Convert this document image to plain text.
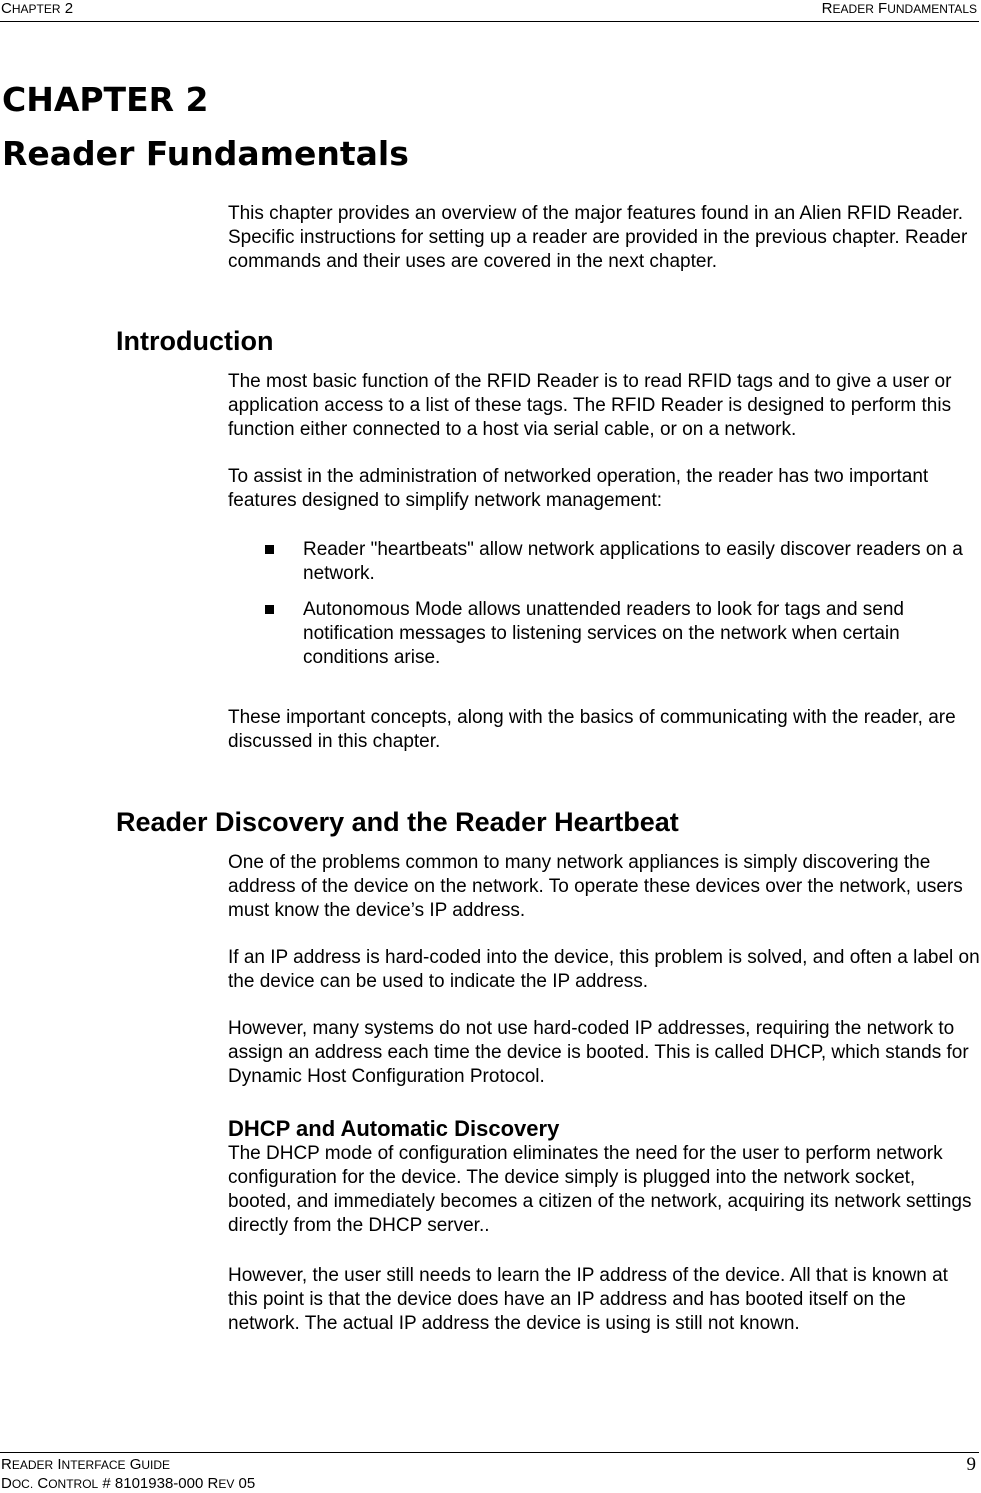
CHAPTER 2	READER FUNDAMENTALS
CHAPTER 2
Reader Fundamentals
This chapter provides an overview of the major features found in an Alien RFID Reader. Specific instructions for setting up a reader are provided in the previous chapter. Reader commands and their uses are covered in the next chapter.
Introduction
The most basic function of the RFID Reader is to read RFID tags and to give a user or application access to a list of these tags. The RFID Reader is designed to perform this function either connected to a host via serial cable, or on a network.
To assist in the administration of networked operation, the reader has two important features designed to simplify network management:
Reader "heartbeats" allow network applications to easily discover readers on a network.
Autonomous Mode allows unattended readers to look for tags and send notification messages to listening services on the network when certain conditions arise.
These important concepts, along with the basics of communicating with the reader, are discussed in this chapter.
Reader Discovery and the Reader Heartbeat
One of the problems common to many network appliances is simply discovering the address of the device on the network. To operate these devices over the network, users must know the device’s IP address.
If an IP address is hard-coded into the device, this problem is solved, and often a label on the device can be used to indicate the IP address.
However, many systems do not use hard-coded IP addresses, requiring the network to assign an address each time the device is booted. This is called DHCP, which stands for Dynamic Host Configuration Protocol.
DHCP and Automatic Discovery
The DHCP mode of configuration eliminates the need for the user to perform network configuration for the device. The device simply is plugged into the network socket, booted, and immediately becomes a citizen of the network, acquiring its network settings directly from the DHCP server..
However, the user still needs to learn the IP address of the device. All that is known at this point is that the device does have an IP address and has booted itself on the network. The actual IP address the device is using is still not known.
READER INTERFACE GUIDE
DOC. CONTROL # 8101938-000 REV 05
9
